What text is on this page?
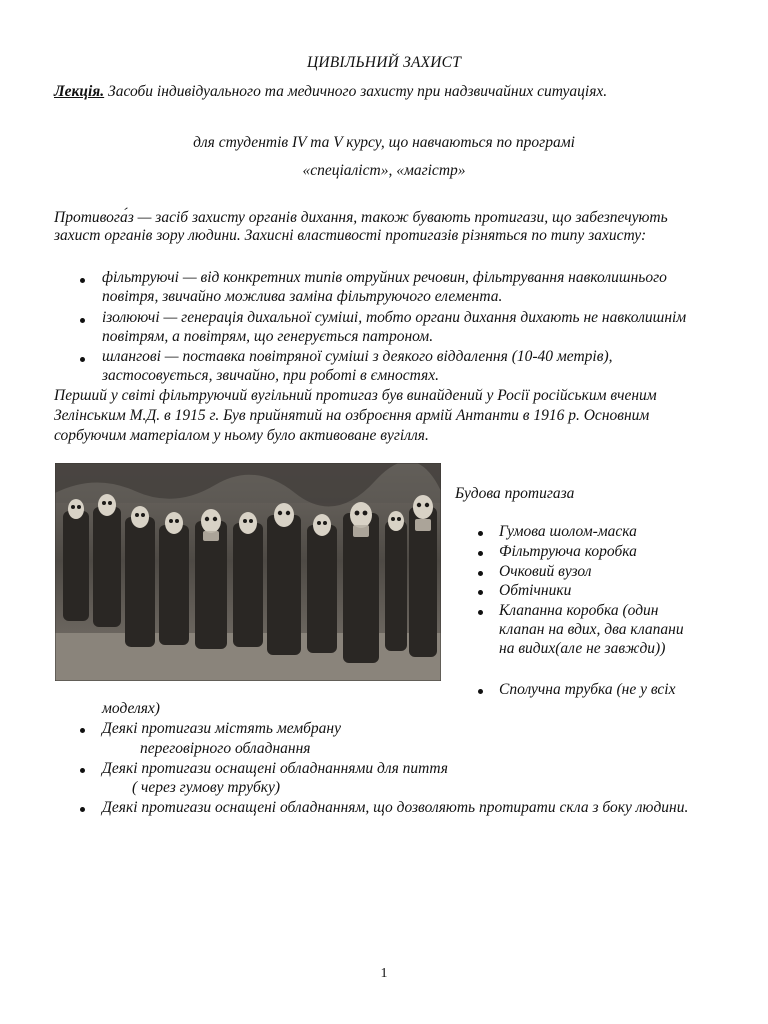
ЦИВІЛЬНИЙ ЗАХИСТ
Лекція. Засоби індивідуального та медичного захисту при надзвичайних ситуаціях.
для студентів IV та V курсу, що навчаються по програмі
«спеціаліст», «магістр»
Противога́з — засіб захисту органів дихання, також бувають протигази, що забезпечують захист органів зору людини. Захисні властивості протигазів різняться по типу захисту:
фільтруючі — від конкретних типів отруйних речовин, фільтрування навколишнього повітря, звичайно можлива заміна фільтруючого елемента.
ізолюючі — генерація дихальної суміші, тобто органи дихання дихають не навколишнім повітрям, а повітрям, що генерується патроном.
шлангові — поставка повітряної суміші з деякого віддалення (10-40 метрів), застосовується, звичайно, при роботі в ємностях.
Перший у світі фільтруючий вугільний протигаз був винайдений у Росії російським вченим Зелінським М.Д. в 1915 г. Був прийнятий на озброєння армій Антанти в 1916 р. Основним сорбуючим матеріалом у ньому було активоване вугілля.
Будова протигаза
Гумова шолом-маска
Фільтруюча коробка
Очковий вузол
Обтічники
Клапанна коробка (один клапан на вдих, два клапани на видих(але не завжди))
Сполучна трубка (не у всіх
моделях)
Деякі протигази містять мембрану
переговірного обладнання
Деякі протигази оснащені обладнаннями для пиття
( через гумову трубку)
Деякі протигази оснащені обладнанням, що дозволяють протирати скла з боку людини.
1
